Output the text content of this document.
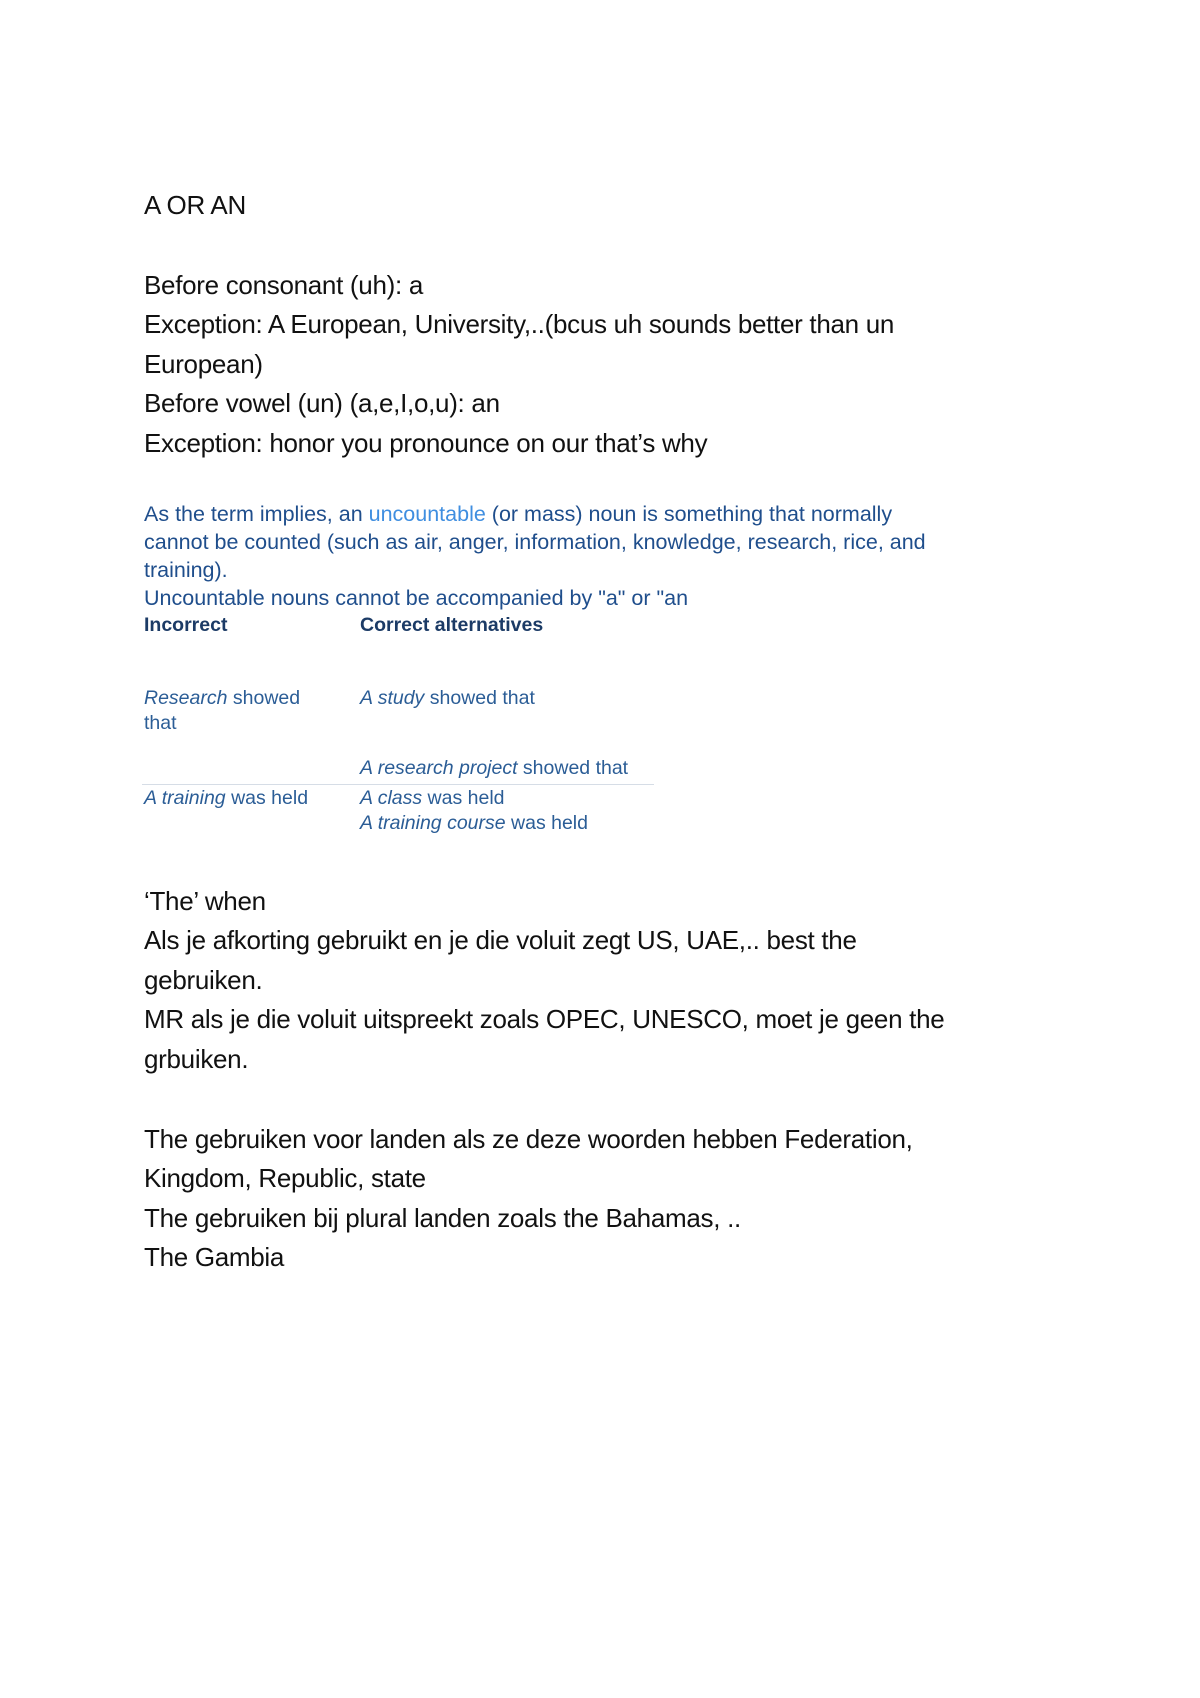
A OR AN
Before consonant (uh): a
Exception: A European, University,..(bcus uh sounds better than un
European)
Before vowel (un) (a,e,I,o,u): an
Exception: honor you pronounce on our that’s why
As the term implies, an uncountable (or mass) noun is something that normally
cannot be counted (such as air, anger, information, knowledge, research, rice, and
training).
Uncountable nouns cannot be accompanied by "a" or "an
Incorrect	Correct alternatives
Research showed
that
A study showed that
A research project showed that
A training was held	A class was held
A training course was held
‘The’ when
Als je afkorting gebruikt en je die voluit zegt US, UAE,.. best the
gebruiken.
MR als je die voluit uitspreekt zoals OPEC, UNESCO, moet je geen the
grbuiken.
The gebruiken voor landen als ze deze woorden hebben Federation,
Kingdom, Republic, state
The gebruiken bij plural landen zoals the Bahamas, ..
The Gambia
